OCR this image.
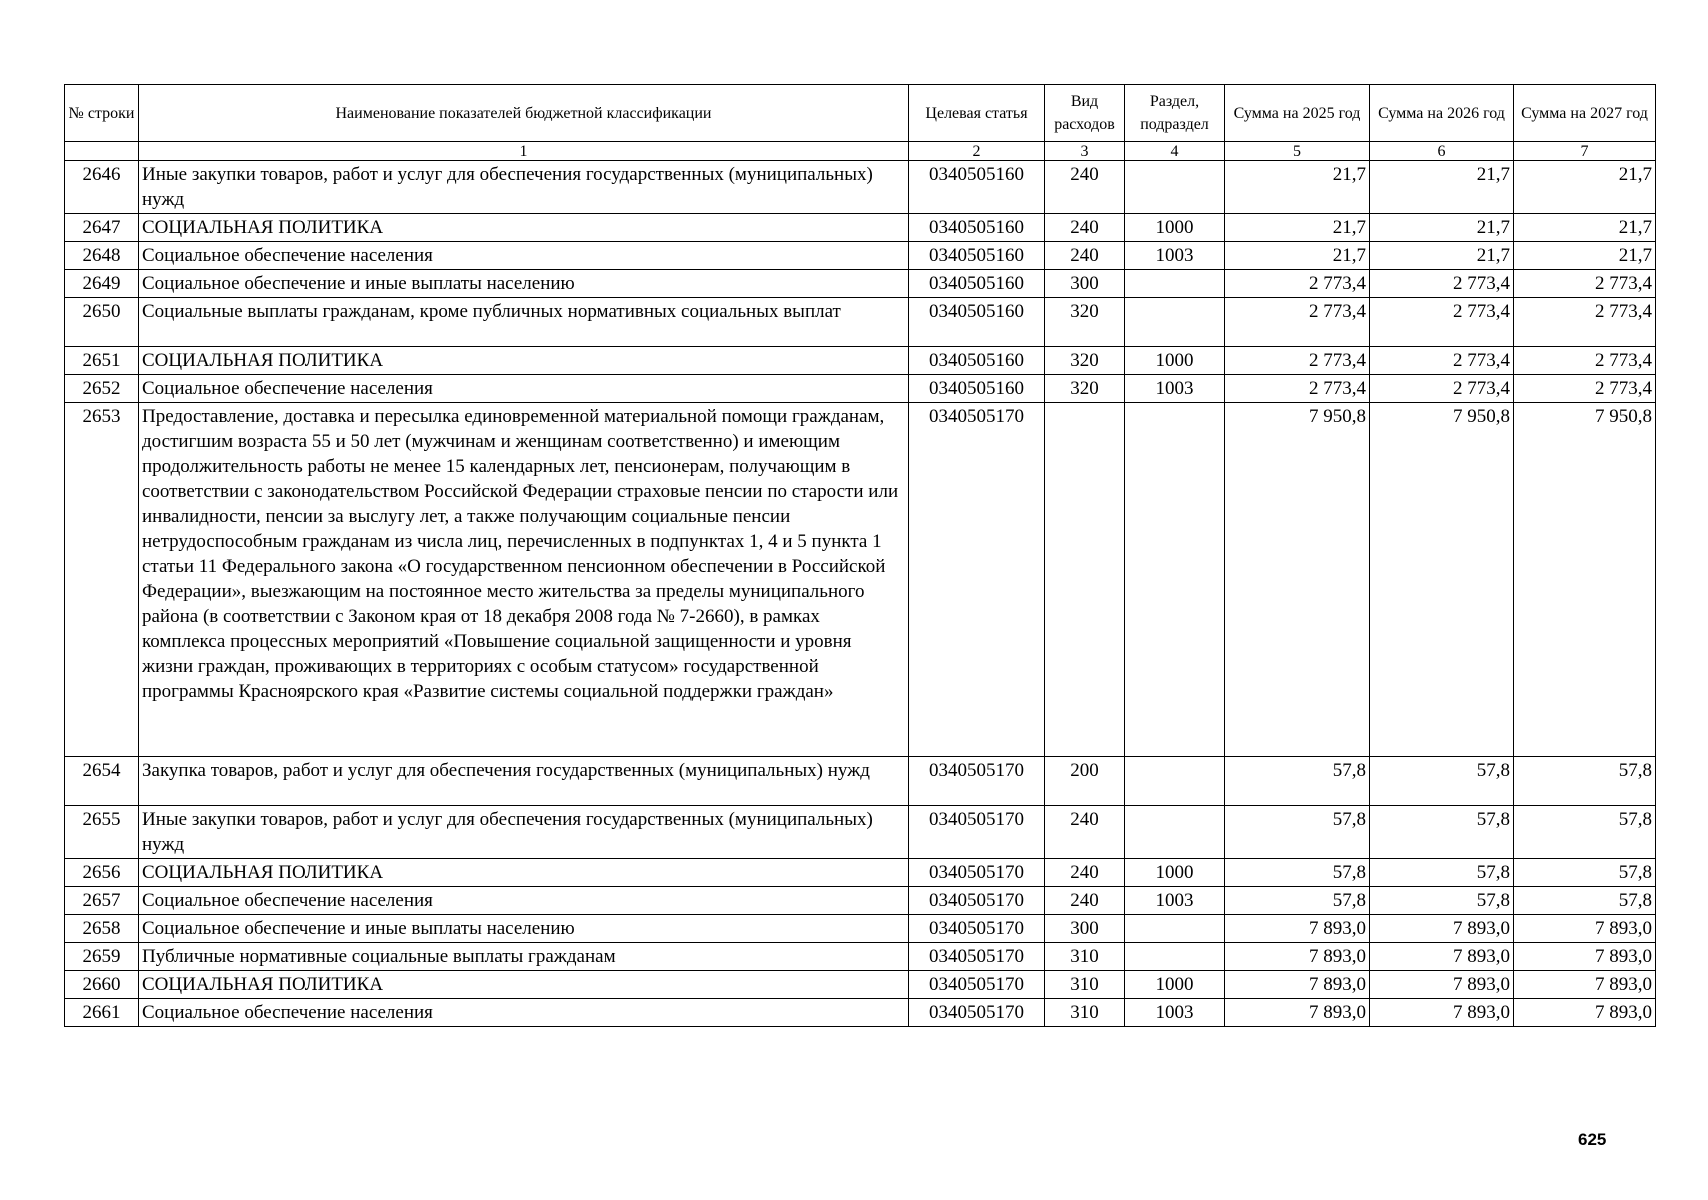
№ строки	Наименование показателей бюджетной классификации	Целевая статья	Вид расходов	Раздел, подраздел	Сумма на 2025 год	Сумма на 2026 год	Сумма на 2027 год
	1	2	3	4	5	6	7
2646	Иные закупки товаров, работ и услуг для обеспечения государственных (муниципальных) нужд	0340505160	240		21,7	21,7	21,7
2647	СОЦИАЛЬНАЯ ПОЛИТИКА	0340505160	240	1000	21,7	21,7	21,7
2648	Социальное обеспечение населения	0340505160	240	1003	21,7	21,7	21,7
2649	Социальное обеспечение и иные выплаты населению	0340505160	300		2 773,4	2 773,4	2 773,4
2650	Социальные выплаты гражданам, кроме публичных нормативных социальных выплат	0340505160	320		2 773,4	2 773,4	2 773,4
2651	СОЦИАЛЬНАЯ ПОЛИТИКА	0340505160	320	1000	2 773,4	2 773,4	2 773,4
2652	Социальное обеспечение населения	0340505160	320	1003	2 773,4	2 773,4	2 773,4
2653	Предоставление, доставка и пересылка единовременной материальной помощи гражданам, достигшим возраста 55 и 50 лет (мужчинам и женщинам соответственно) и имеющим продолжительность работы не менее 15 календарных лет, пенсионерам, получающим в соответствии с законодательством Российской Федерации страховые пенсии по старости или инвалидности, пенсии за выслугу лет, а также получающим социальные пенсии нетрудоспособным гражданам из числа лиц, перечисленных в подпунктах 1, 4 и 5 пункта 1 статьи 11 Федерального закона «О государственном пенсионном обеспечении в Российской Федерации», выезжающим на постоянное место жительства за пределы муниципального района (в соответствии с Законом края от 18 декабря 2008 года № 7-2660), в рамках комплекса процессных мероприятий «Повышение социальной защищенности и уровня жизни граждан, проживающих в территориях с особым статусом» государственной программы Красноярского края «Развитие системы социальной поддержки граждан»	0340505170			7 950,8	7 950,8	7 950,8
2654	Закупка товаров, работ и услуг для обеспечения государственных (муниципальных) нужд	0340505170	200		57,8	57,8	57,8
2655	Иные закупки товаров, работ и услуг для обеспечения государственных (муниципальных) нужд	0340505170	240		57,8	57,8	57,8
2656	СОЦИАЛЬНАЯ ПОЛИТИКА	0340505170	240	1000	57,8	57,8	57,8
2657	Социальное обеспечение населения	0340505170	240	1003	57,8	57,8	57,8
2658	Социальное обеспечение и иные выплаты населению	0340505170	300		7 893,0	7 893,0	7 893,0
2659	Публичные нормативные социальные выплаты гражданам	0340505170	310		7 893,0	7 893,0	7 893,0
2660	СОЦИАЛЬНАЯ ПОЛИТИКА	0340505170	310	1000	7 893,0	7 893,0	7 893,0
2661	Социальное обеспечение населения	0340505170	310	1003	7 893,0	7 893,0	7 893,0
625
